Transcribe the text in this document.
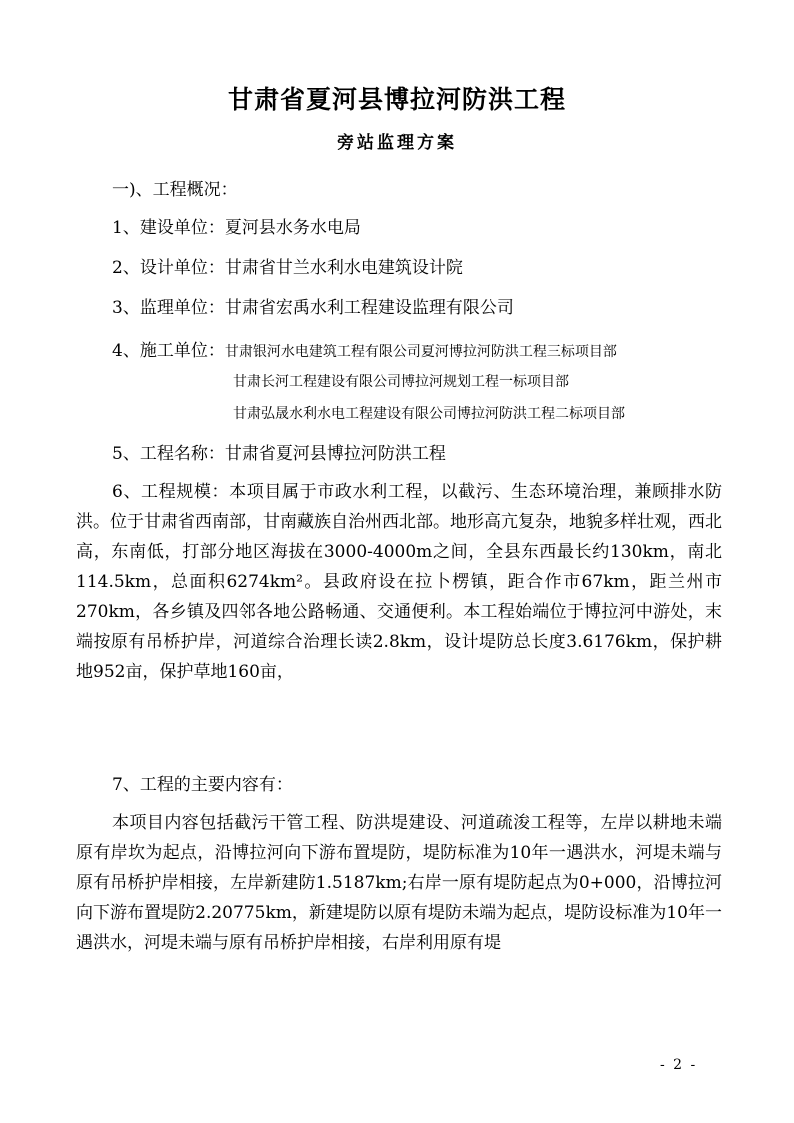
甘肃省夏河县博拉河防洪工程
旁站监理方案
一)、工程概况：
1、建设单位：夏河县水务水电局
2、设计单位：甘肃省甘兰水利水电建筑设计院
3、监理单位：甘肃省宏禹水利工程建设监理有限公司
4、施工单位：甘肃银河水电建筑工程有限公司夏河博拉河防洪工程三标项目部
甘肃长河工程建设有限公司博拉河规划工程一标项目部
甘肃弘晟水利水电工程建设有限公司博拉河防洪工程二标项目部
5、工程名称：甘肃省夏河县博拉河防洪工程
6、工程规模：本项目属于市政水利工程，以截污、生态环境治理，兼顾排水防洪。位于甘肃省西南部，甘南藏族自治州西北部。地形高亢复杂，地貌多样壮观，西北高，东南低，打部分地区海拔在3000-4000m之间，全县东西最长约130km，南北114.5km，总面积6274km²。县政府设在拉卜楞镇，距合作市67km，距兰州市270km，各乡镇及四邻各地公路畅通、交通便利。本工程始端位于博拉河中游处，末端按原有吊桥护岸，河道综合治理长读2.8km，设计堤防总长度3.6176km，保护耕地952亩，保护草地160亩，
7、工程的主要内容有：
本项目内容包括截污干管工程、防洪堤建设、河道疏浚工程等，左岸以耕地未端原有岸坎为起点，沿博拉河向下游布置堤防，堤防标准为10年一遇洪水，河堤未端与原有吊桥护岸相接，左岸新建防1.5187km;右岸一原有堤防起点为0+000，沿博拉河向下游布置堤防2.20775km，新建堤防以原有堤防未端为起点，堤防设标准为10年一遇洪水，河堤未端与原有吊桥护岸相接，右岸利用原有堤
- 2 -
